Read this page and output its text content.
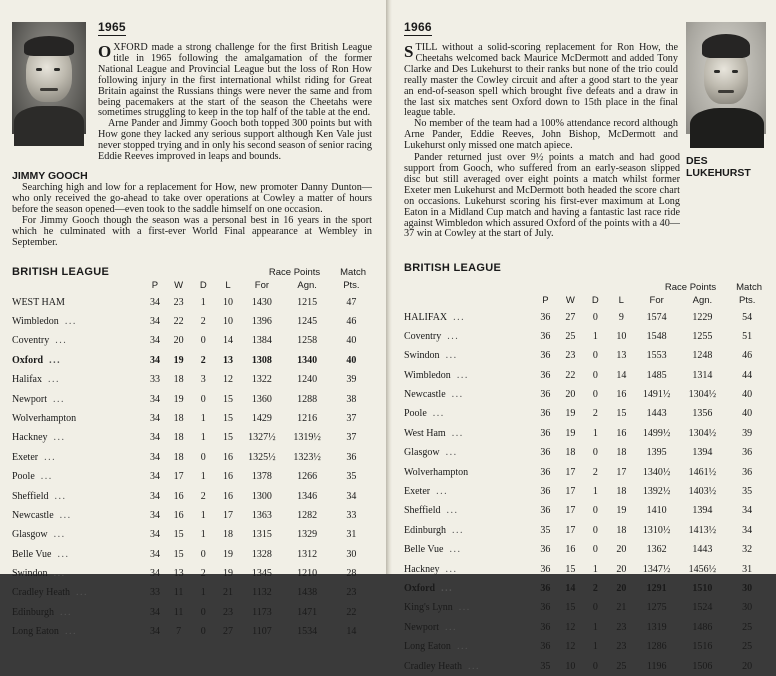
JIMMY GOOCH
1965

OXFORD made a strong challenge for the first British League title in 1965 following the amalgamation of the former National League and Provincial League but the loss of Ron How following injury in the first international whilst riding for Great Britain against the Russians things were never the same and from being pacemakers at the start of the season the Cheetahs were sometimes struggling to keep in the top half of the table at the end.

Arne Pander and Jimmy Gooch both topped 300 points but with How gone they lacked any serious support although Ken Vale just never stopped trying and in only his second season of senior racing Eddie Reeves improved in leaps and bounds.

Searching high and low for a replacement for How, new promoter Danny Dunton—who only received the go-ahead to take over operations at Cowley a matter of hours before the season opened—even took to the saddle himself on one occasion.

For Jimmy Gooch though the season was a personal best in 16 years in the sport which he culminated with a first-ever World Final appearance at Wembley in September.

BRITISH LEAGUE	Race Points Match
	P	W	D	L	For	Agn.	Pts.
WEST HAM	34	23	1	10	1430	1215	47
Wimbledon ...	34	22	2	10	1396	1245	46
Coventry ...	34	20	0	14	1384	1258	40
Oxford ...	34	19	2	13	1308	1340	40
Halifax ...	33	18	3	12	1322	1240	39
Newport ...	34	19	0	15	1360	1288	38
Wolverhampton	34	18	1	15	1429	1216	37
Hackney ...	34	18	1	15	1327½	1319½	37
Exeter ...	34	18	0	16	1325½	1323½	36
Poole ...	34	17	1	16	1378	1266	35
Sheffield ...	34	16	2	16	1300	1346	34
Newcastle ...	34	16	1	17	1363	1282	33
Glasgow ...	34	15	1	18	1315	1329	31
Belle Vue ...	34	15	0	19	1328	1312	30
Swindon ...	34	13	2	19	1345	1210	28
Cradley Heath ...	33	11	1	21	1132	1438	23
Edinburgh ...	34	11	0	23	1173	1471	22
Long Eaton ...	34	7	0	27	1107	1534	14
1966

STILL without a solid-scoring replacement for Ron How, the Cheetahs welcomed back Maurice McDermott and added Tony Clarke and Des Lukehurst to their ranks but none of the trio could really master the Cowley circuit and after a good start to the year an end-of-season spell which brought five defeats and a draw in the last six matches sent Oxford down to 15th place in the final league table.

No member of the team had a 100% attendance record although Arne Pander, Eddie Reeves, John Bishop, McDermott and Lukehurst only missed one match apiece.

Pander returned just over 9½ points a match and had good support from Gooch, who suffered from an early-season slipped disc but still averaged over eight points a match whilst former Exeter men Lukehurst and McDermott both headed the score chart on occasions. Lukehurst scoring his first-ever maximum at Long Eaton in a Midland Cup match and having a fantastic last race ride against Wimbledon which assured Oxford of the points with a 40—37 win at Cowley at the start of July.

DES LUKEHURST
BRITISH LEAGUE
Race Points Match
	P	W	D	L	For	Agn.	Pts.
HALIFAX ...	36	27	0	9	1574	1229	54
Coventry ...	36	25	1	10	1548	1255	51
Swindon ...	36	23	0	13	1553	1248	46
Wimbledon ...	36	22	0	14	1485	1314	44
Newcastle ...	36	20	0	16	1491½	1304½	40
Poole ...	36	19	2	15	1443	1356	40
West Ham ...	36	19	1	16	1499½	1304½	39
Glasgow ...	36	18	0	18	1395	1394	36
Wolverhampton	36	17	2	17	1340½	1461½	36
Exeter ...	36	17	1	18	1392½	1403½	35
Sheffield ...	36	17	0	19	1410	1394	34
Edinburgh ...	35	17	0	18	1310½	1413½	34
Belle Vue ...	36	16	0	20	1362	1443	32
Hackney ...	36	15	1	20	1347½	1456½	31
Oxford ...	36	14	2	20	1291	1510	30
King's Lynn ...	36	15	0	21	1275	1524	30
Newport ...	36	12	1	23	1319	1486	25
Long Eaton ...	36	12	1	23	1286	1516	25
Cradley Heath ...	35	10	0	25	1196	1506	20
